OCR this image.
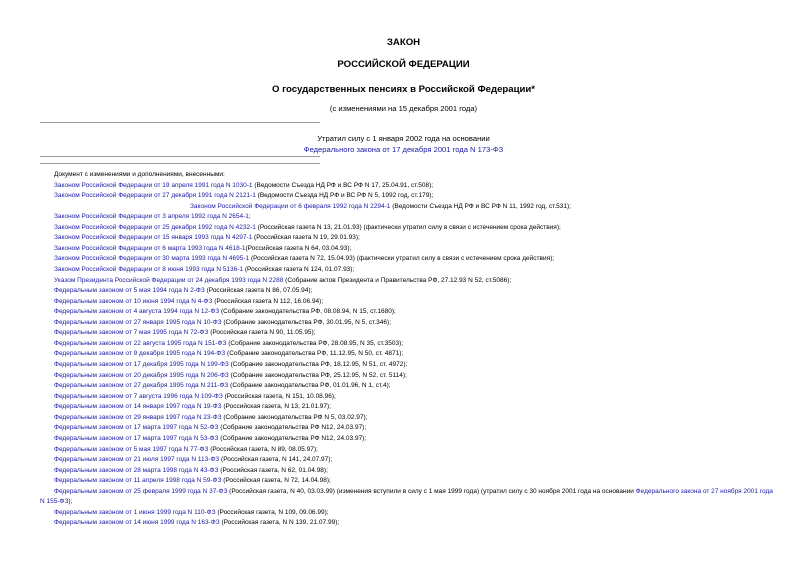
ЗАКОН
РОССИЙСКОЙ ФЕДЕРАЦИИ
О государственных пенсиях в Российской Федерации*
(с изменениями на 15 декабря 2001 года)
Утратил силу с 1 января 2002 года на основании
Федерального закона от 17 декабря 2001 года N 173-ФЗ
Документ с изменениями и дополнениями, внесенными:
Законом Российской Федерации от 19 апреля 1991 года N 1030-1 (Ведомости Съезда НД РФ и ВС РФ N 17, 25.04.91, ст.508);
Законом Российской Федерации от 27 декабря 1991 года N 2121-1 (Ведомости Съезда НД РФ и ВС РФ N 5, 1992 год, ст.179);
Законом Российской Федерации от 6 февраля 1992 года N 2294-1 (Ведомости Съезда НД РФ и ВС РФ N 11, 1992 год, ст.531);
Законом Российской Федерации от 3 апреля 1992 года N 2654-1;
Законом Российской Федерации от 25 декабря 1992 года N 4232-1 (Российская газета N 13, 21.01.93) (фактически утратил силу в связи с истечением срока действия);
Законом Российской Федерации от 15 января 1993 года N 4297-1 (Российская газета N 19, 29.01.93);
Законом Российской Федерации от 6 марта 1993 года N 4618-1(Российская газета N 64, 03.04.93);
Законом Российской Федерации от 30 марта 1993 года N 4695-1 (Российская газета N 72, 15.04.93) (фактически утратил силу в связи с истечением срока действия);
Законом Российской Федерации от 8 июня 1993 года N 5136-1 (Российская газета N 124, 01.07.93);
Указом Президента Российской Федерации от 24 декабря 1993 года N 2288 (Собрание актов Президента и Правительства РФ, 27.12.93 N 52, ст.5086);
Федеральным законом от 5 мая 1994 года N 2-ФЗ (Российская газета N 86, 07.05.94);
Федеральным законом от 10 июня 1994 года N 4-ФЗ (Российская газета N 112, 16.06.94);
Федеральным законом от 4 августа 1994 года N 12-ФЗ (Собрание законодательства РФ, 08.08.94, N 15, ст.1680);
Федеральным законом от 27 января 1995 года N 10-ФЗ (Собрание законодательства РФ, 30.01.95, N 5, ст.346);
Федеральным законом от 7 мая 1995 года N 72-ФЗ (Российская газета N 90, 11.05.95);
Федеральным законом от 22 августа 1995 года N 151-ФЗ (Собрание законодательства РФ, 28.08.95, N 35, ст.3503);
Федеральным законом от 9 декабря 1995 года N 194-ФЗ (Собрание законодательства РФ, 11.12.95, N 50, ст. 4871);
Федеральным законом от 17 декабря 1995 года N 199-ФЗ (Собрание законодательства РФ, 18.12.95, N 51, ст. 4972);
Федеральным законом от 20 декабря 1995 года N 206-ФЗ (Собрание законодательства РФ, 25.12.95, N 52, ст. 5114);
Федеральным законом от 27 декабря 1995 года N 211-ФЗ (Собрание законодательства РФ, 01.01.96, N 1, ст.4);
Федеральным законом от 7 августа 1996 года N 109-ФЗ (Российская газета, N 151, 10.08.96);
Федеральным законом от 14 января 1997 года N 19-ФЗ (Российская газета, N 13, 21.01.97);
Федеральным законом от 29 января 1997 года N 23-ФЗ (Собрание законодательства РФ N 5, 03.02.97);
Федеральным законом от 17 марта 1997 года N 52-ФЗ (Собрание законодательства РФ N12, 24.03.97);
Федеральным законом от 17 марта 1997 года N 53-ФЗ (Собрание законодательства РФ N12, 24.03.97);
Федеральным законом от 5 мая 1997 года N 77-ФЗ (Российская газета, N 89, 08.05.97);
Федеральным законом от 21 июля 1997 года N 113-ФЗ (Российская газета, N 141, 24.07.97);
Федеральным законом от 28 марта 1998 года N 43-ФЗ (Российская газета, N 62, 01.04.98);
Федеральным законом от 11 апреля 1998 года N 59-ФЗ (Российская газета, N 72, 14.04.98);
Федеральным законом от 25 февраля 1999 года N 37-ФЗ (Российская газета, N 40, 03.03.99) (изменения вступили в силу с 1 мая 1999 года) (утратил силу с 30 ноября 2001 года на основании Федерального закона от 27 ноября 2001 года N 155-ФЗ);
Федеральным законом от 1 июня 1999 года N 110-ФЗ (Российская газета, N 109, 09.06.99);
Федеральным законом от 14 июня 1999 года N 163-ФЗ (Российская газета, N N 139, 21.07.99);
